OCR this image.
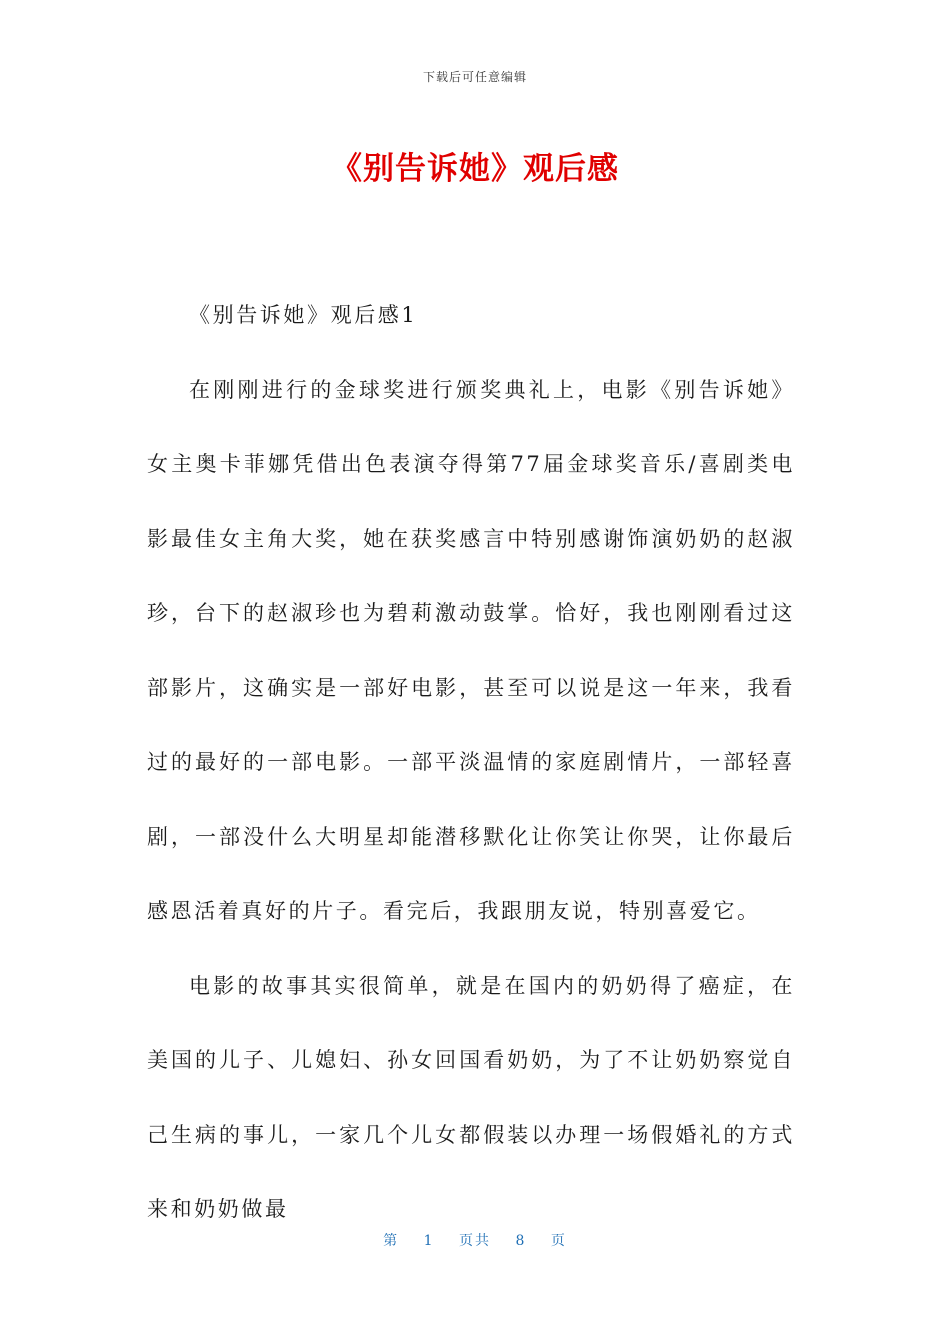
下载后可任意编辑
《别告诉她》观后感

《别告诉她》观后感1

在刚刚进行的金球奖进行颁奖典礼上，电影《别告诉她》女主奥卡菲娜凭借出色表演夺得第77届金球奖音乐/喜剧类电影最佳女主角大奖，她在获奖感言中特别感谢饰演奶奶的赵淑珍，台下的赵淑珍也为碧莉激动鼓掌。恰好，我也刚刚看过这部影片，这确实是一部好电影，甚至可以说是这一年来，我看过的最好的一部电影。一部平淡温情的家庭剧情片，一部轻喜剧，一部没什么大明星却能潜移默化让你笑让你哭，让你最后感恩活着真好的片子。看完后，我跟朋友说，特别喜爱它。

电影的故事其实很简单，就是在国内的奶奶得了癌症，在美国的儿子、儿媳妇、孙女回国看奶奶，为了不让奶奶察觉自己生病的事儿，一家几个儿女都假装以办理一场假婚礼的方式来和奶奶做最

第 1 页共 8 页
